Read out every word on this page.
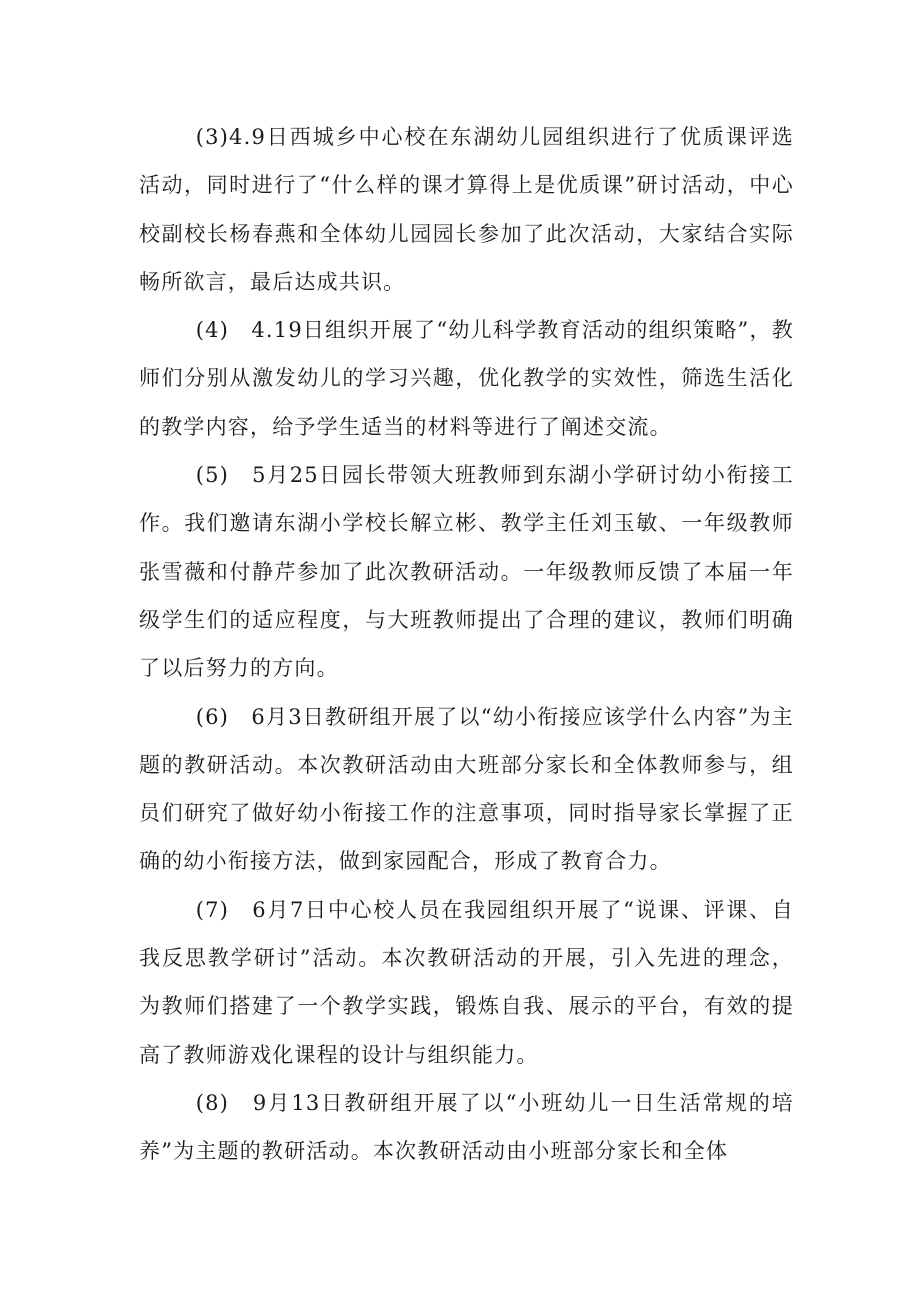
(3)4.9日西城乡中心校在东湖幼儿园组织进行了优质课评选活动，同时进行了“什么样的课才算得上是优质课”研讨活动，中心校副校长杨春燕和全体幼儿园园长参加了此次活动，大家结合实际畅所欲言，最后达成共识。

(4)　4.19日组织开展了“幼儿科学教育活动的组织策略”，教师们分别从激发幼儿的学习兴趣，优化教学的实效性，筛选生活化的教学内容，给予学生适当的材料等进行了阐述交流。

(5)　5月25日园长带领大班教师到东湖小学研讨幼小衔接工作。我们邀请东湖小学校长解立彬、教学主任刘玉敏、一年级教师张雪薇和付静芹参加了此次教研活动。一年级教师反馈了本届一年级学生们的适应程度，与大班教师提出了合理的建议，教师们明确了以后努力的方向。

(6)　6月3日教研组开展了以“幼小衔接应该学什么内容”为主题的教研活动。本次教研活动由大班部分家长和全体教师参与，组员们研究了做好幼小衔接工作的注意事项，同时指导家长掌握了正确的幼小衔接方法，做到家园配合，形成了教育合力。

(7)　6月7日中心校人员在我园组织开展了“说课、评课、自我反思教学研讨”活动。本次教研活动的开展，引入先进的理念，为教师们搭建了一个教学实践，锻炼自我、展示的平台，有效的提高了教师游戏化课程的设计与组织能力。

(8)　9月13日教研组开展了以“小班幼儿一日生活常规的培养”为主题的教研活动。本次教研活动由小班部分家长和全体
